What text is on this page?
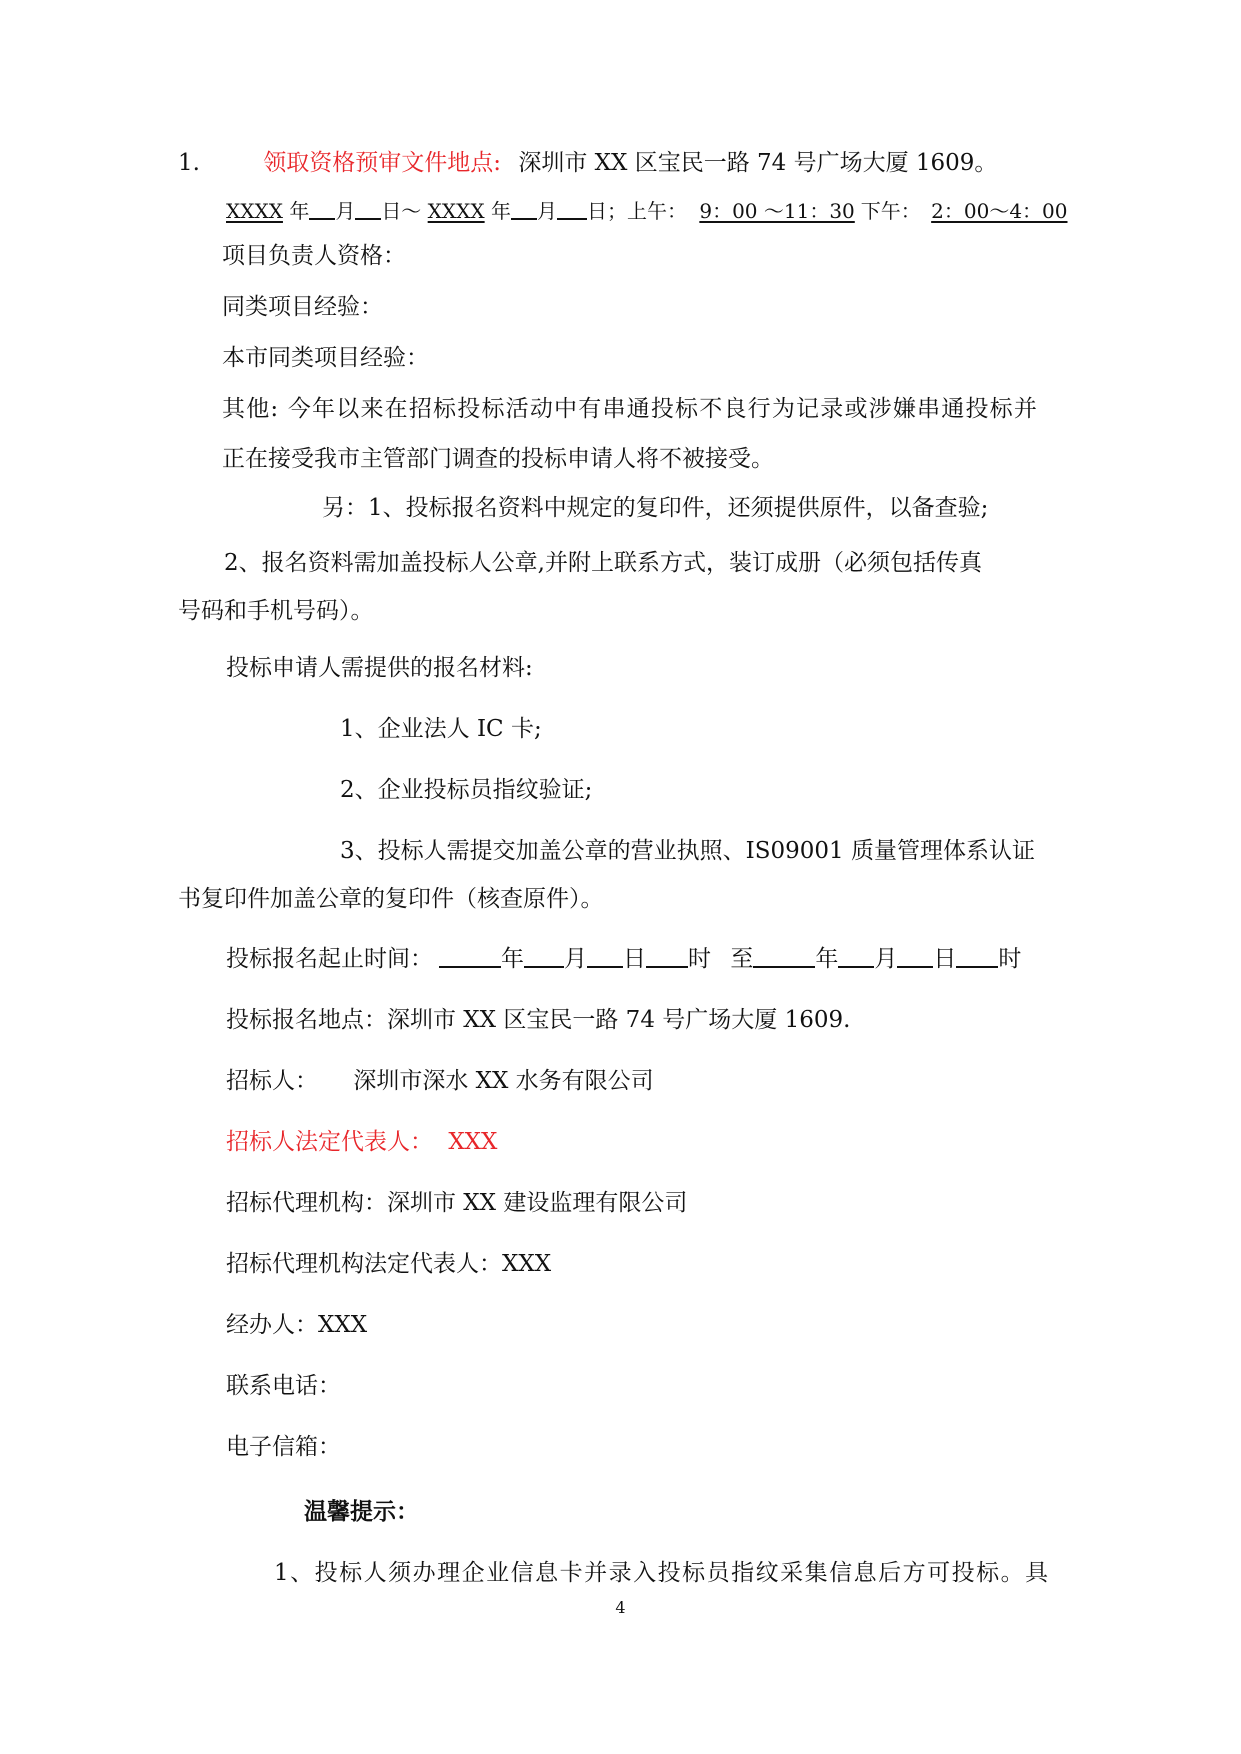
1.	领取资格预审文件地点: 深圳市 XX 区宝民一路 74 号广场大厦 1609。
XXXX 年 月 日～ XXXX 年 月 日；上午： 9：00 ～11：30 下午： 2：00～4：00
项目负责人资格：
同类项目经验：
本市同类项目经验：
其他: 今年以来在招标投标活动中有串通投标不良行为记录或涉嫌串通投标并
正在接受我市主管部门调查的投标申请人将不被接受。
另：1、投标报名资料中规定的复印件，还须提供原件，以备查验;
2、报名资料需加盖投标人公章,并附上联系方式，装订成册（必须包括传真
号码和手机号码）。
投标申请人需提供的报名材料:
1、企业法人 IC 卡;
2、企业投标员指纹验证;
3、投标人需提交加盖公章的营业执照、IS09001 质量管理体系认证
书复印件加盖公章的复印件（核查原件）。
投标报名起止时间：	年 月 日 时 至	年 月 日 时
投标报名地点：深圳市 XX 区宝民一路 74 号广场大厦 1609.
招标人： 深圳市深水 XX 水务有限公司
招标人法定代表人： XXX
招标代理机构：深圳市 XX 建设监理有限公司
招标代理机构法定代表人：XXX
经办人：XXX
联系电话：
电子信箱：
温馨提示：
1、投标人须办理企业信息卡并录入投标员指纹采集信息后方可投标。具
4
